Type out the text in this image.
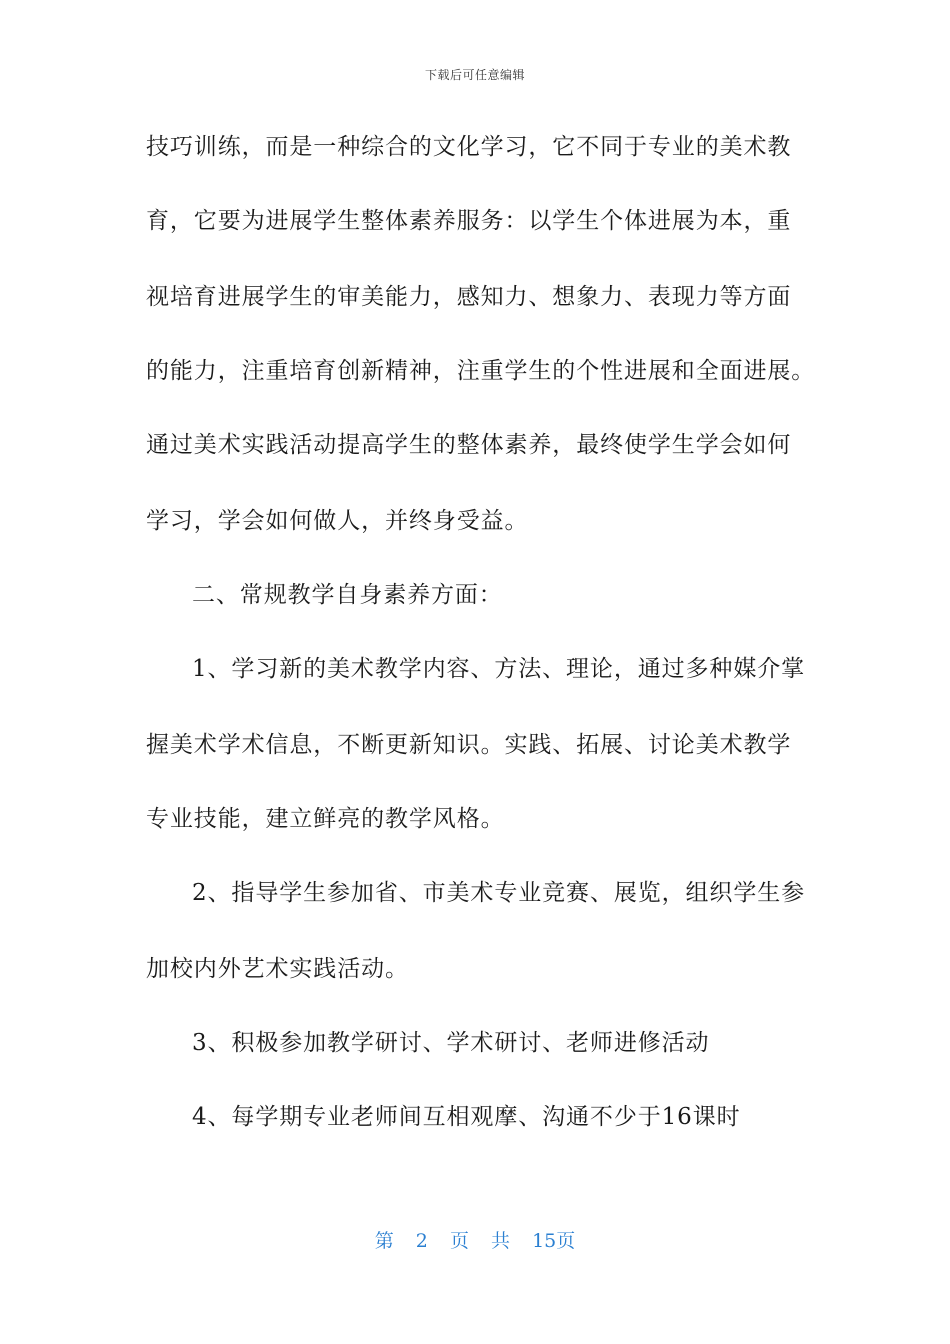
下载后可任意编辑
技巧训练，而是一种综合的文化学习，它不同于专业的美术教
育，它要为进展学生整体素养服务：以学生个体进展为本，重
视培育进展学生的审美能力，感知力、想象力、表现力等方面
的能力，注重培育创新精神，注重学生的个性进展和全面进展。
通过美术实践活动提高学生的整体素养，最终使学生学会如何
学习，学会如何做人，并终身受益。
二、常规教学自身素养方面：
1、学习新的美术教学内容、方法、理论，通过多种媒介掌
握美术学术信息，不断更新知识。实践、拓展、讨论美术教学
专业技能，建立鲜亮的教学风格。
2、指导学生参加省、市美术专业竞赛、展览，组织学生参
加校内外艺术实践活动。
3、积极参加教学研讨、学术研讨、老师进修活动
4、每学期专业老师间互相观摩、沟通不少于16课时
第 2 页 共 15页
